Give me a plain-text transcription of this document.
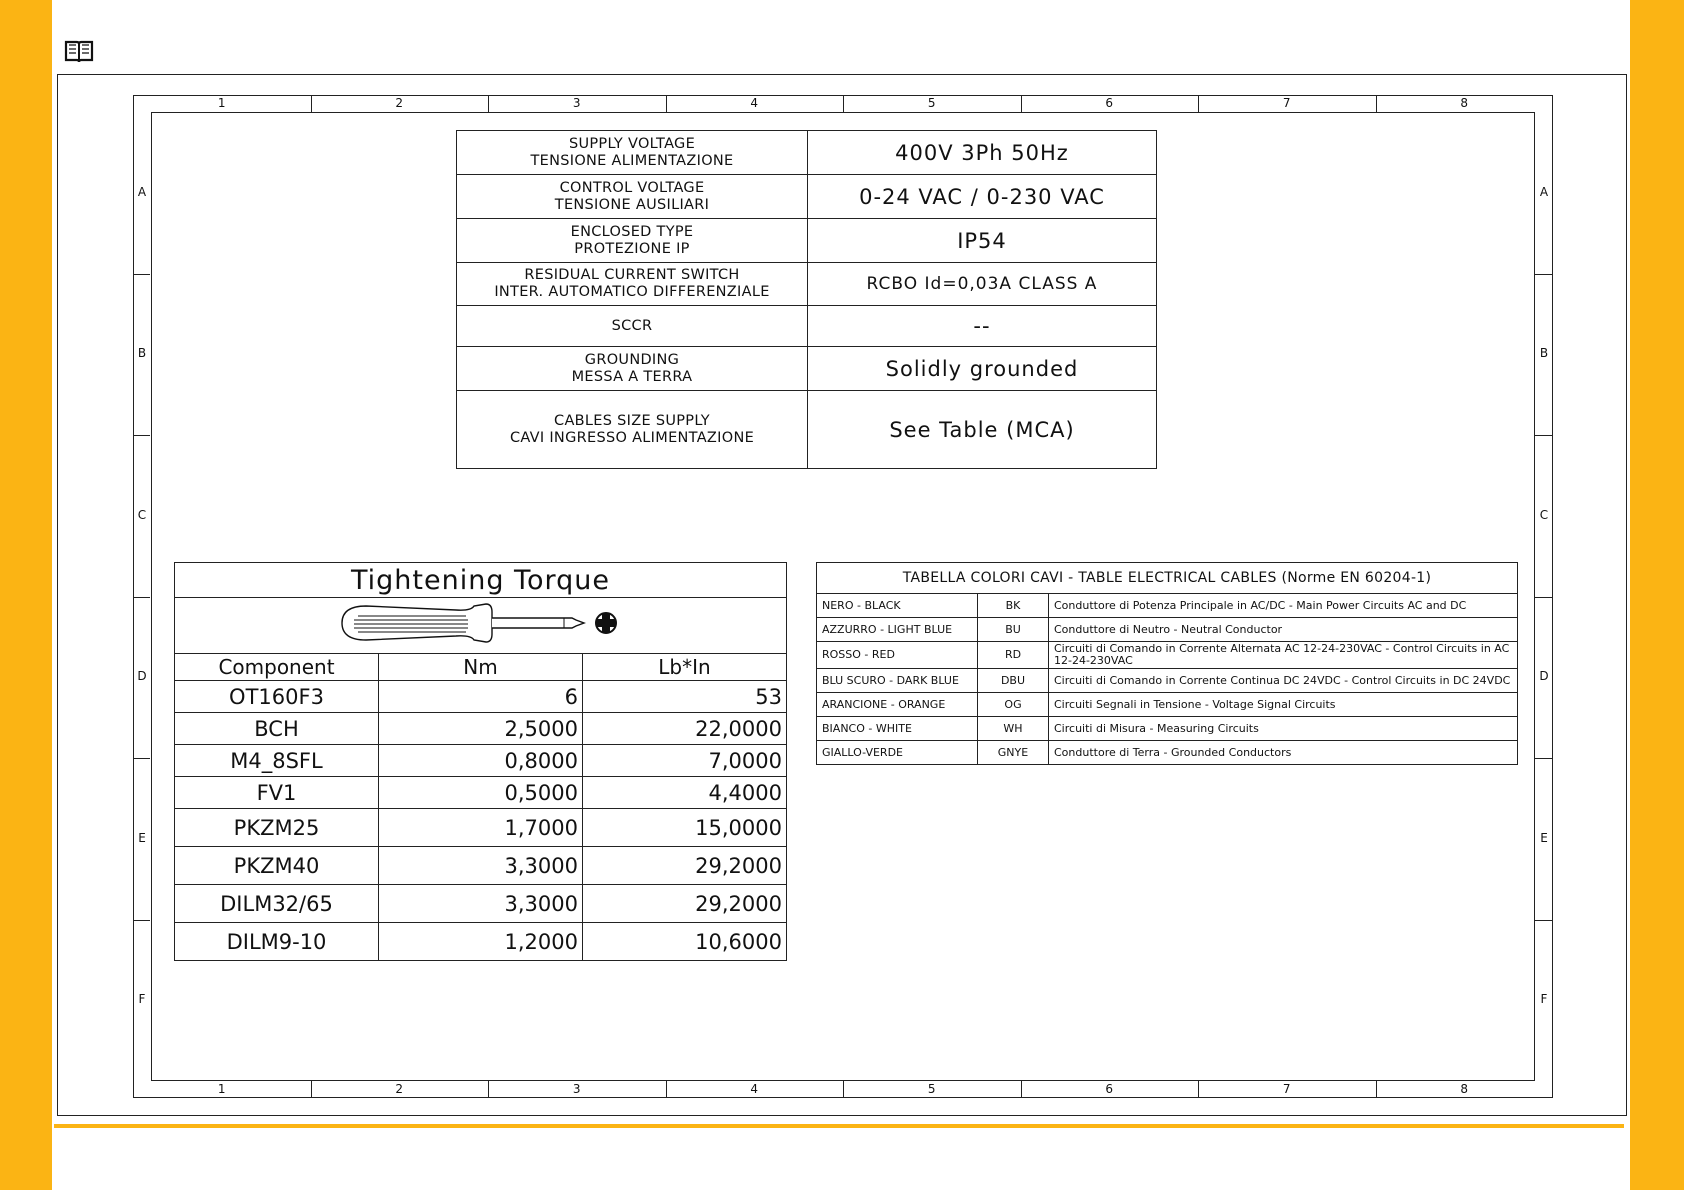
1
1
2
2
3
3
4
4
5
5
6
6
7
7
8
8
A	A
B	B
C	C
D	D
E	E
F	F
SUPPLY VOLTAGE
TENSIONE ALIMENTAZIONE	400V 3Ph 50Hz

CONTROL VOLTAGE
TENSIONE AUSILIARI	0-24 VAC / 0-230 VAC

ENCLOSED TYPE
PROTEZIONE IP	IP54

RESIDUAL CURRENT SWITCH
INTER. AUTOMATICO DIFFERENZIALE	RCBO Id=0,03A CLASS A

SCCR	--

GROUNDING
MESSA A TERRA	Solidly grounded

CABLES SIZE SUPPLY
CAVI INGRESSO ALIMENTAZIONE	See Table (MCA)
Tightening Torque		

Component	Nm	Lb*In
OT160F3	6	53
BCH	2,5000	22,0000
M4_8SFL	0,8000	7,0000
FV1	0,5000	4,4000
PKZM25	1,7000	15,0000
PKZM40	3,3000	29,2000
DILM32/65	3,3000	29,2000
DILM9-10	1,2000	10,6000
TABELLA COLORI CAVI - TABLE ELECTRICAL CABLES (Norme EN 60204-1)		
NERO - BLACK	BK	Conduttore di Potenza Principale in AC/DC - Main Power Circuits AC and DC
AZZURRO - LIGHT BLUE	BU	Conduttore di Neutro - Neutral Conductor
ROSSO - RED	RD	Circuiti di Comando in Corrente Alternata AC 12-24-230VAC - Control Circuits in AC 12-24-230VAC
BLU SCURO - DARK BLUE	DBU	Circuiti di Comando in Corrente Continua DC 24VDC - Control Circuits in DC 24VDC
ARANCIONE - ORANGE	OG	Circuiti Segnali in Tensione - Voltage Signal Circuits
BIANCO - WHITE	WH	Circuiti di Misura - Measuring Circuits
GIALLO-VERDE	GNYE	Conduttore di Terra - Grounded Conductors
